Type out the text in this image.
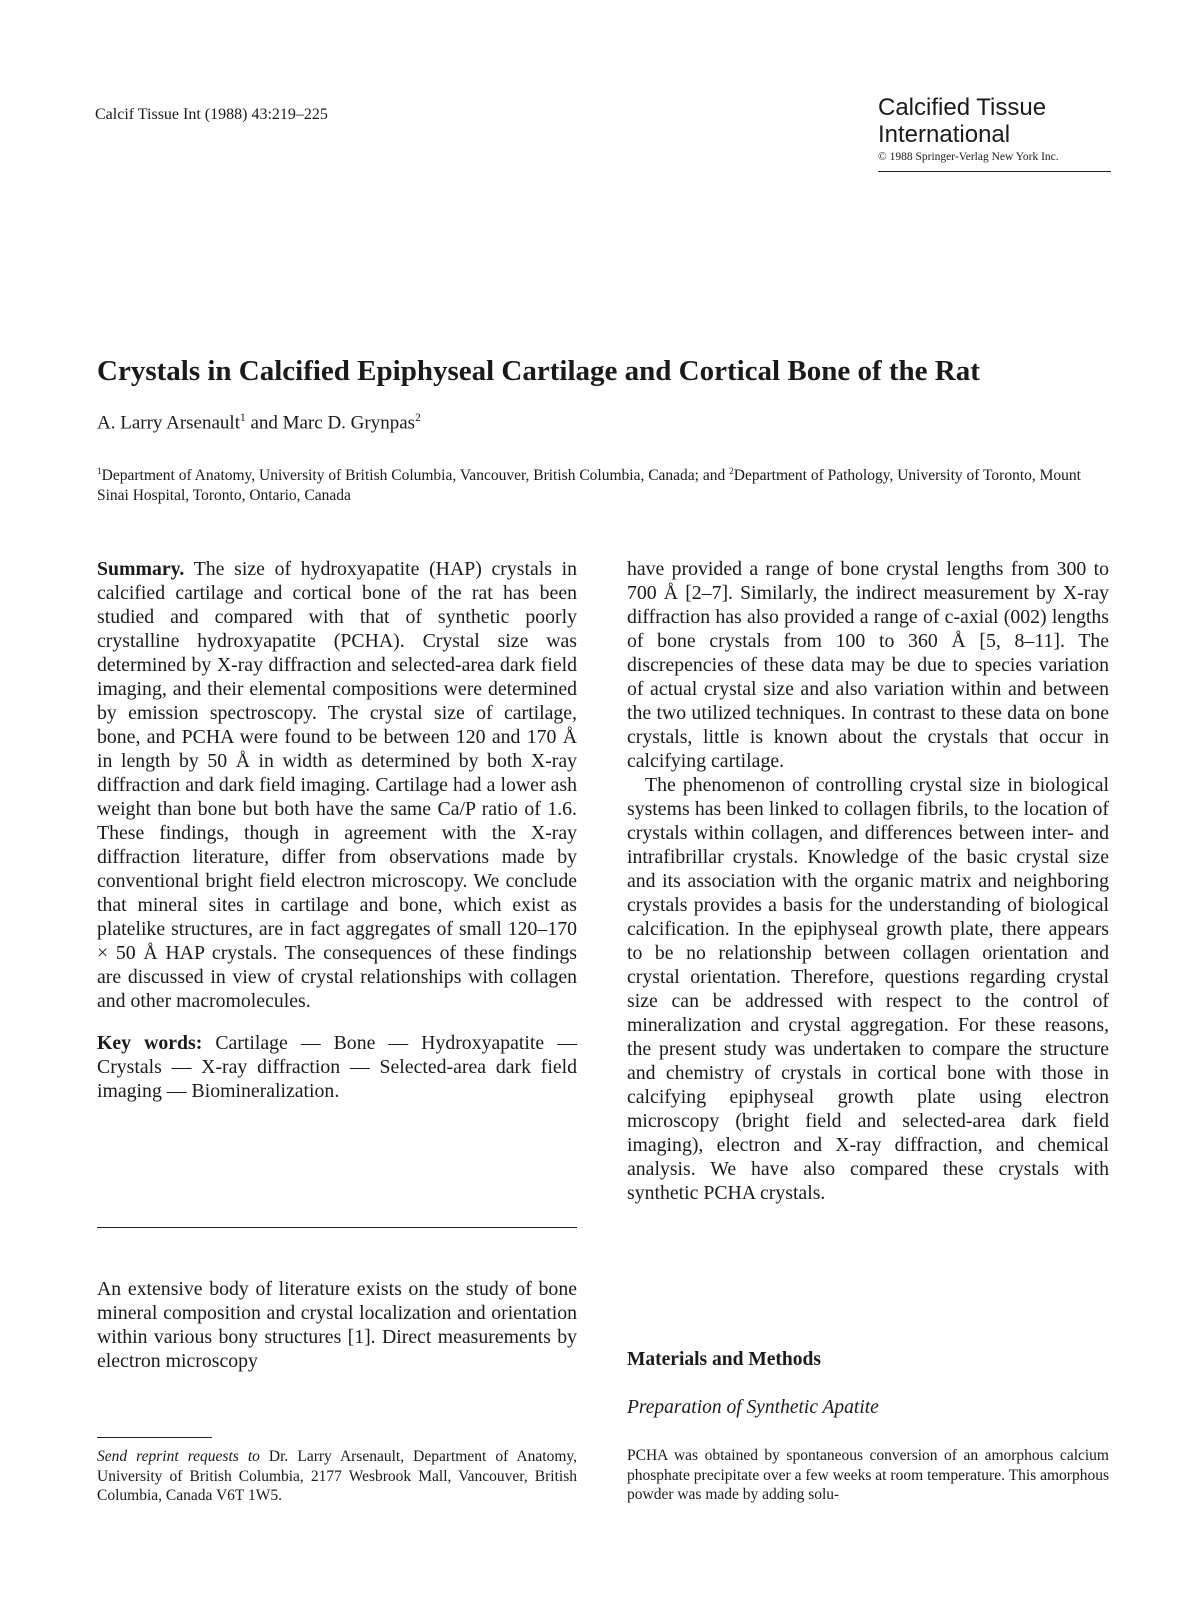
Calcif Tissue Int (1988) 43:219–225	Calcified Tissue
International
© 1988 Springer-Verlag New York Inc.
Crystals in Calcified Epiphyseal Cartilage and Cortical Bone of the Rat
A. Larry Arsenault$^1$ and Marc D. Grynpas$^2$
$^1$Department of Anatomy, University of British Columbia, Vancouver, British Columbia, Canada; and $^2$Department of Pathology, University of Toronto, Mount Sinai Hospital, Toronto, Ontario, Canada

Summary. The size of hydroxyapatite (HAP) crystals in calcified cartilage and cortical bone of the rat has been studied and compared with that of synthetic poorly crystalline hydroxyapatite (PCHA). Crystal size was determined by X-ray diffraction and selected-area dark field imaging, and their elemental compositions were determined by emission spectroscopy. The crystal size of cartilage, bone, and PCHA were found to be between 120 and 170 Å in length by 50 Å in width as determined by both X-ray diffraction and dark field imaging. Cartilage had a lower ash weight than bone but both have the same Ca/P ratio of 1.6. These findings, though in agreement with the X-ray diffraction literature, differ from observations made by conventional bright field electron microscopy. We conclude that mineral sites in cartilage and bone, which exist as platelike structures, are in fact aggregates of small 120–170 × 50 Å HAP crystals. The consequences of these findings are discussed in view of crystal relationships with collagen and other macromolecules.

Key words: Cartilage — Bone — Hydroxyapatite — Crystals — X-ray diffraction — Selected-area dark field imaging — Biomineralization.

An extensive body of literature exists on the study of bone mineral composition and crystal localization and orientation within various bony structures [1]. Direct measurements by electron microscopy
Send reprint requests to Dr. Larry Arsenault, Department of Anatomy, University of British Columbia, 2177 Wesbrook Mall, Vancouver, British Columbia, Canada V6T 1W5.

have provided a range of bone crystal lengths from 300 to 700 Å [2–7]. Similarly, the indirect measurement by X-ray diffraction has also provided a range of c-axial (002) lengths of bone crystals from 100 to 360 Å [5, 8–11]. The discrepencies of these data may be due to species variation of actual crystal size and also variation within and between the two utilized techniques. In contrast to these data on bone crystals, little is known about the crystals that occur in calcifying cartilage.

The phenomenon of controlling crystal size in biological systems has been linked to collagen fibrils, to the location of crystals within collagen, and differences between inter- and intrafibrillar crystals. Knowledge of the basic crystal size and its association with the organic matrix and neighboring crystals provides a basis for the understanding of biological calcification. In the epiphyseal growth plate, there appears to be no relationship between collagen orientation and crystal orientation. Therefore, questions regarding crystal size can be addressed with respect to the control of mineralization and crystal aggregation. For these reasons, the present study was undertaken to compare the structure and chemistry of crystals in cortical bone with those in calcifying epiphyseal growth plate using electron microscopy (bright field and selected-area dark field imaging), electron and X-ray diffraction, and chemical analysis. We have also compared these crystals with synthetic PCHA crystals.

Materials and Methods
Preparation of Synthetic Apatite
PCHA was obtained by spontaneous conversion of an amorphous calcium phosphate precipitate over a few weeks at room temperature. This amorphous powder was made by adding solu-
